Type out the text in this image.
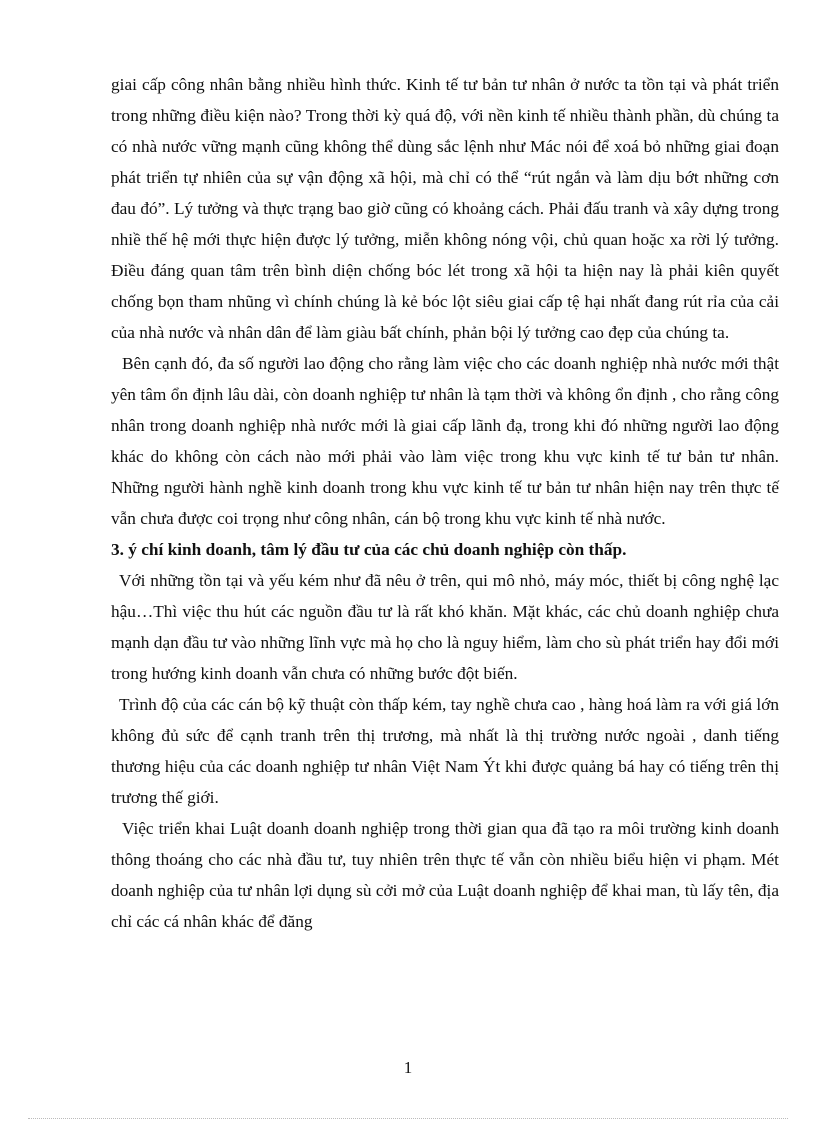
giai cấp công nhân bằng nhiều hình thức. Kinh tế tư bản tư nhân ở nước ta tồn tại và phát triển trong những điều kiện nào? Trong thời kỳ quá độ, với nền kinh tế nhiều thành phần, dù chúng ta có nhà nước vững mạnh cũng không thể dùng sắc lệnh như Mác nói để xoá bỏ những giai đoạn phát triển tự nhiên của sự vận động xã hội, mà chỉ có thể “rút ngắn và làm dịu bớt những cơn đau đó”. Lý tưởng và thực trạng bao giờ cũng có khoảng cách. Phải đấu tranh và xây dựng trong nhiề thế hệ mới thực hiện được lý tưởng, miễn không nóng vội, chủ quan hoặc xa rời lý tưởng. Điều đáng quan tâm trên bình diện chống bóc lét trong xã hội ta hiện nay là phải kiên quyết chống bọn tham nhũng vì chính chúng là kẻ bóc lột siêu giai cấp tệ hại nhất đang rút rỉa của cải của nhà nước và nhân dân để làm giàu bất chính, phản bội lý tưởng cao đẹp của chúng ta.

Bên cạnh đó, đa số người lao động cho rằng làm việc cho các doanh nghiệp nhà nước mới thật yên tâm ổn định lâu dài, còn doanh nghiệp tư nhân là tạm thời và không ổn định , cho rằng công nhân trong doanh nghiệp nhà nước mới là giai cấp lãnh đạ, trong khi đó những người lao động khác do không còn cách nào mới phải vào làm việc trong khu vực kinh tế tư bản tư nhân. Những người hành nghề kinh doanh trong khu vực kinh tế tư bản tư nhân hiện nay trên thực tế vẫn chưa được coi trọng như công nhân, cán bộ trong khu vực kinh tế nhà nước.

3. ý chí kinh doanh, tâm lý đầu tư của các chủ doanh nghiệp còn thấp.

Với những tồn tại và yếu kém như đã nêu ở trên, qui mô nhỏ, máy móc, thiết bị công nghệ lạc hậu…Thì việc thu hút các nguồn đầu tư là rất khó khăn. Mặt khác, các chủ doanh nghiệp chưa mạnh dạn đầu tư vào những lĩnh vực mà họ cho là nguy hiểm, làm cho sù phát triển hay đổi mới trong hướng kinh doanh vẫn chưa có những bước đột biến.

Trình độ của các cán bộ kỹ thuật còn thấp kém, tay nghề chưa cao , hàng hoá làm ra với giá lớn không đủ sức để cạnh tranh trên thị trương, mà nhất là thị trường nước ngoài , danh tiếng thương hiệu của các doanh nghiệp tư nhân Việt Nam Ýt khi được quảng bá hay có tiếng trên thị trương thế giới.

Việc triển khai Luật doanh doanh nghiệp trong thời gian qua đã tạo ra môi trường kinh doanh thông thoáng cho các nhà đầu tư, tuy nhiên trên thực tế vẫn còn nhiều biểu hiện vi phạm. Mét doanh nghiệp của tư nhân lợi dụng sù cởi mở của Luật doanh nghiệp để khai man, tù lấy tên, địa chỉ các cá nhân khác để đăng

1
